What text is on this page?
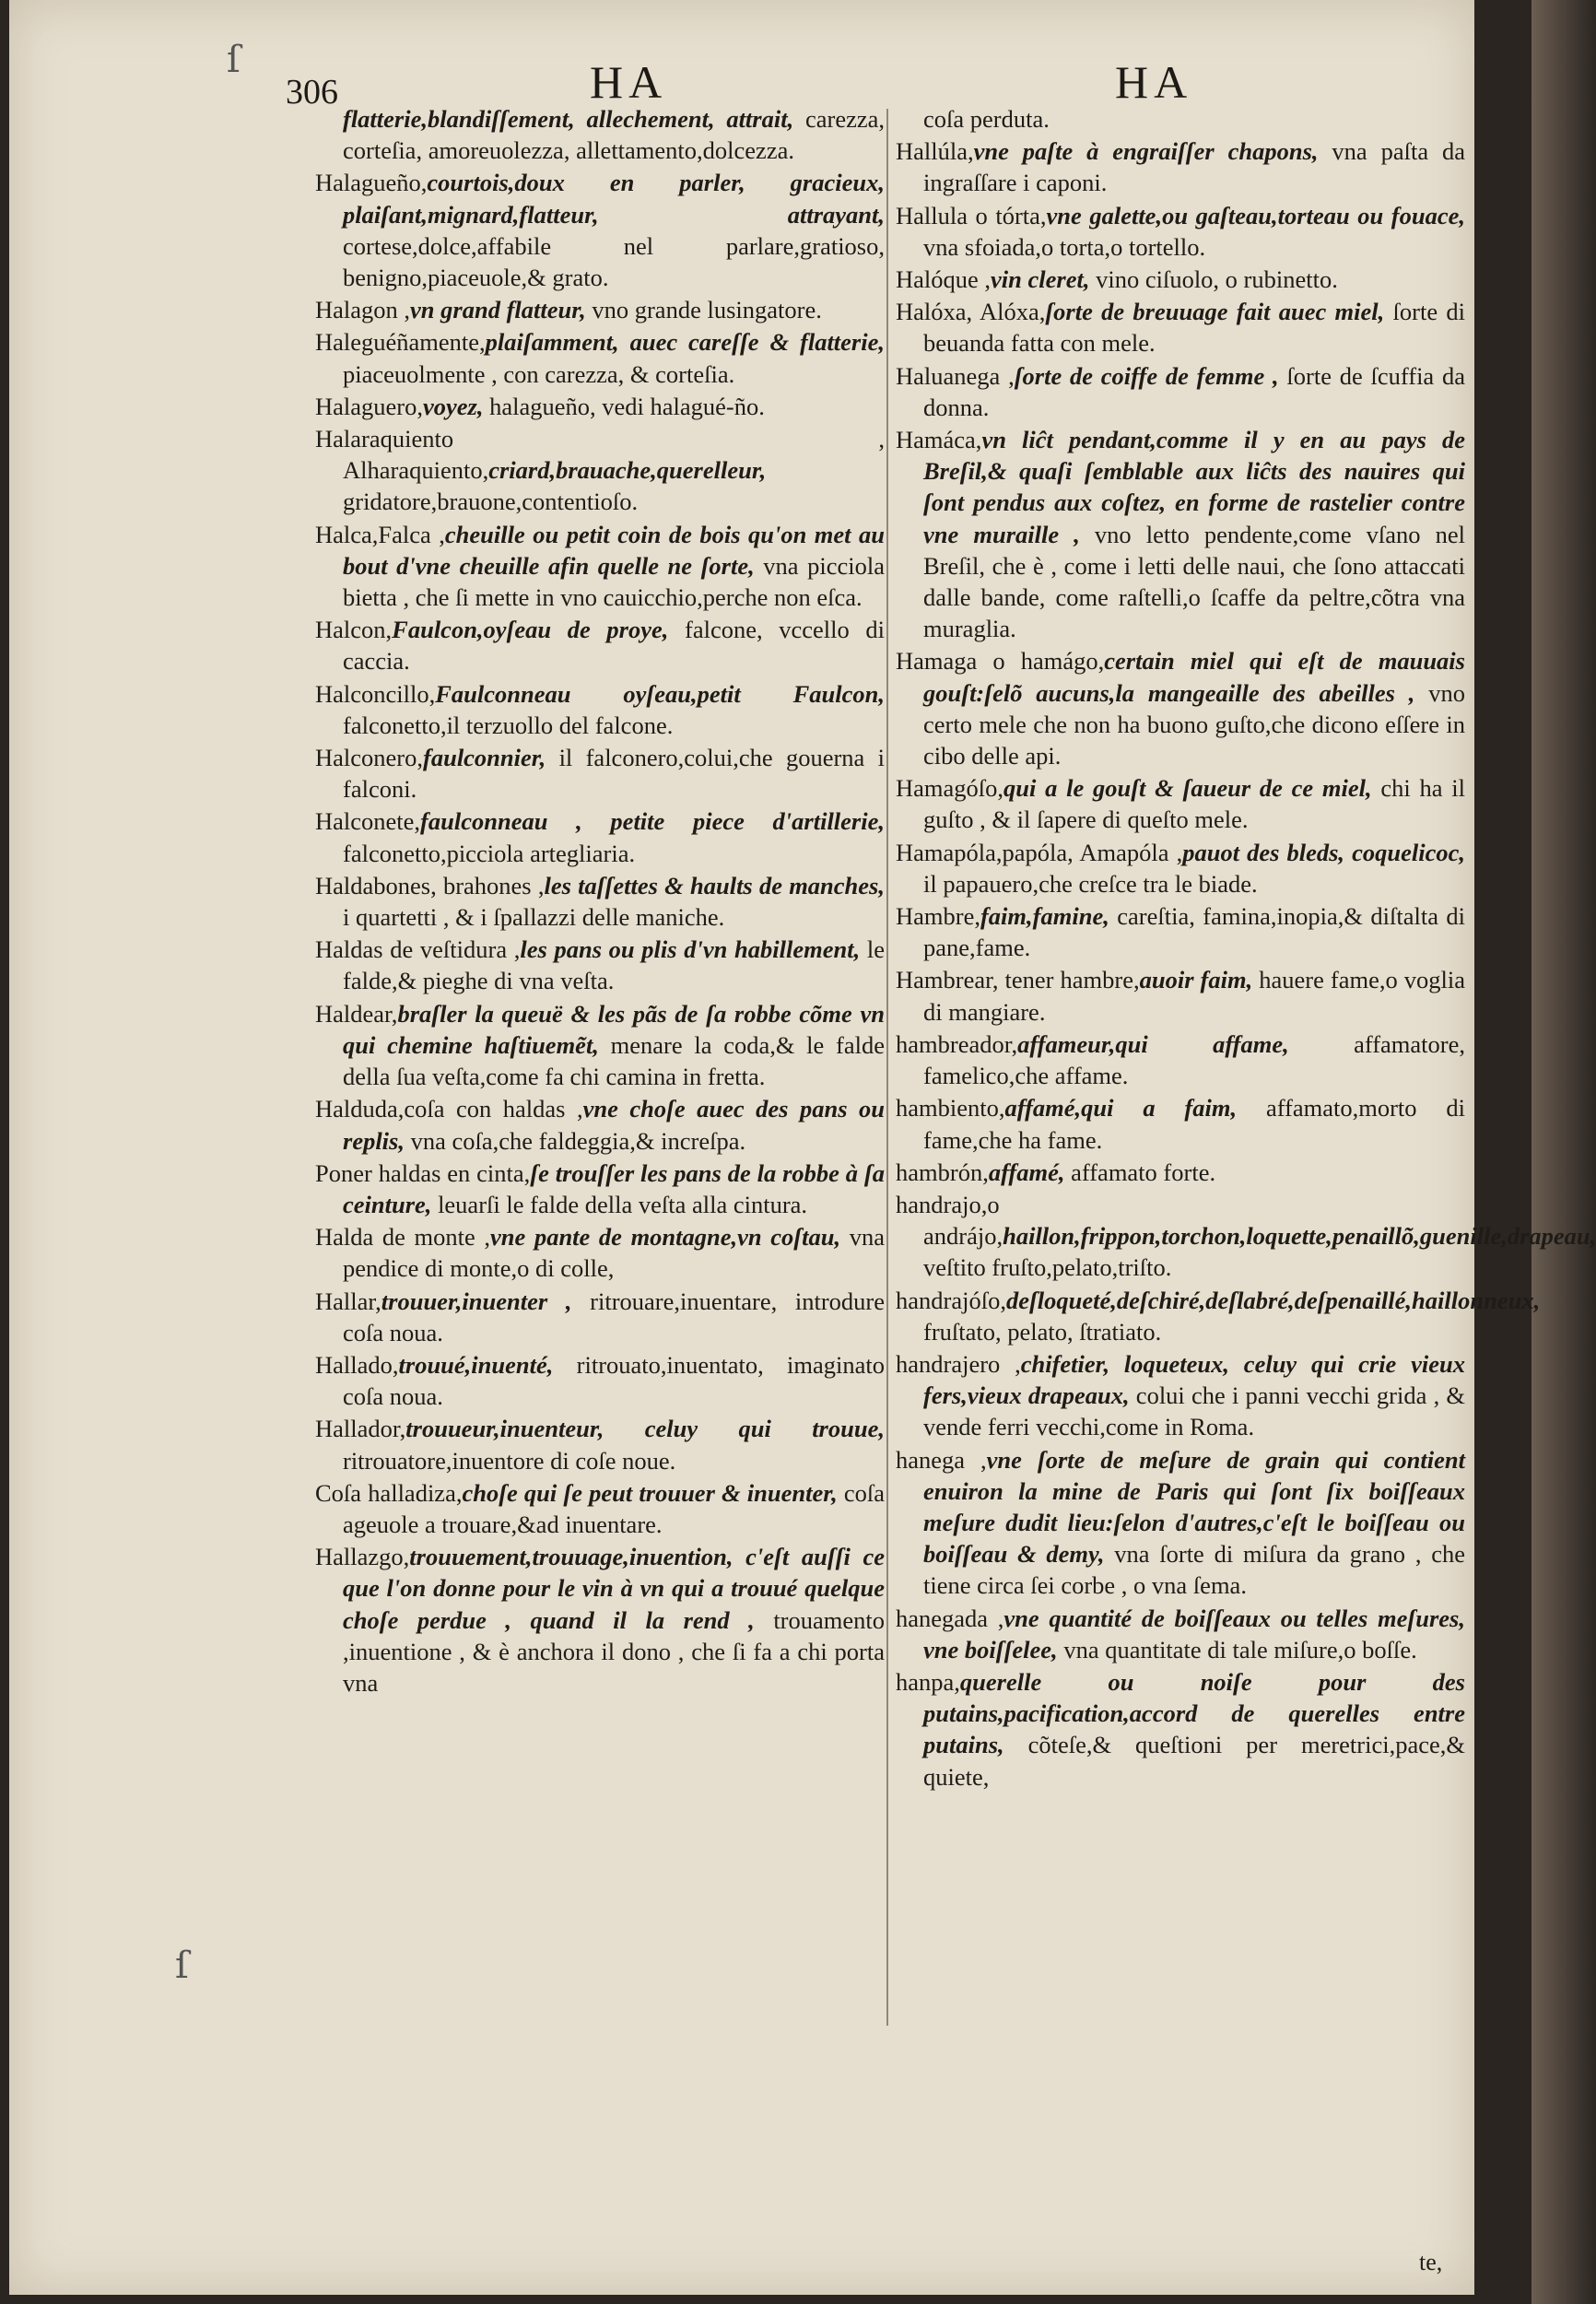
306	HA	HA

flatterie,blandiſſement, allechement, attrait, carezza, corteſia, amoreuolezza, allettamento,dolcezza.

Halagueño,courtois,doux en parler, gracieux, plaiſant,mignard,flatteur, attrayant, cortese,dolce,affabile nel parlare,gratioso, benigno,piaceuole,& grato.

Halagon ,vn grand flatteur, vno grande lusingatore.

Haleguéñamente,plaiſamment, auec careſſe & flatterie, piaceuolmente , con carezza, & corteſia.

Halaguero,voyez, halagueño, vedi halagué-ño.

Halaraquiento , Alharaquiento,criard,brauache,querelleur, gridatore,brauone,contentioſo.

Halca,Falca ,cheuille ou petit coin de bois qu'on met au bout d'vne cheuille afin quelle ne ſorte, vna picciola bietta , che ſi mette in vno cauicchio,perche non eſca.

Halcon,Faulcon,oyſeau de proye, falcone, vccello di caccia.

Halconcillo,Faulconneau oyſeau,petit Faulcon, falconetto,il terzuollo del falcone.

Halconero,faulconnier, il falconero,colui,che gouerna i falconi.

Halconete,faulconneau , petite piece d'artillerie, falconetto,picciola artegliaria.

Haldabones, brahones ,les taſſettes & haults de manches, i quartetti , & i ſpallazzi delle maniche.

Haldas de veſtidura ,les pans ou plis d'vn habillement, le falde,& pieghe di vna veſta.

Haldear,braſler la queuë & les pãs de ſa robbe cõme vn qui chemine haſtiuemẽt, menare la coda,& le falde della ſua veſta,come fa chi camina in fretta.

Halduda,coſa con haldas ,vne choſe auec des pans ou replis, vna coſa,che faldeggia,& increſpa.

Poner haldas en cinta,ſe trouſſer les pans de la robbe à ſa ceinture, leuarſi le falde della veſta alla cintura.

Halda de monte ,vne pante de montagne,vn coſtau, vna pendice di monte,o di colle,

Hallar,trouuer,inuenter , ritrouare,inuentare, introdure coſa noua.

Hallado,trouué,inuenté, ritrouato,inuentato, imaginato coſa noua.

Hallador,trouueur,inuenteur, celuy qui trouue, ritrouatore,inuentore di coſe noue.

Coſa halladiza,choſe qui ſe peut trouuer & inuenter, coſa ageuole a trouare,&ad inuentare.

Hallazgo,trouuement,trouuage,inuention, c'eſt auſſi ce que l'on donne pour le vin à vn qui a trouué quelque choſe perdue , quand il la rend , trouamento ,inuentione , & è anchora il dono , che ſi fa a chi porta vna

coſa perduta.

Hallúla,vne paſte à engraiſſer chapons, vna paſta da ingraſſare i caponi.

Hallula o tórta,vne galette,ou gaſteau,torteau ou fouace, vna sfoiada,o torta,o tortello.

Halóque ,vin cleret, vino ciſuolo, o rubinetto.

Halóxa, Alóxa,ſorte de breuuage fait auec miel, ſorte di beuanda fatta con mele.

Haluanega ,ſorte de coiffe de femme , ſorte de ſcuffia da donna.

Hamáca,vn liĉt pendant,comme il y en au pays de Breſil,& quaſi ſemblable aux liĉts des nauires qui ſont pendus aux coſtez, en forme de rastelier contre vne muraille , vno letto pendente,come vſano nel Breſil, che è , come i letti delle naui, che ſono attaccati dalle bande, come raſtelli,o ſcaffe da peltre,cõtra vna muraglia.

Hamaga o hamágo,certain miel qui eſt de mauuais gouſt:ſelõ aucuns,la mangeaille des abeilles , vno certo mele che non ha buono guſto,che dicono eſſere in cibo delle api.

Hamagóſo,qui a le gouſt & ſaueur de ce miel, chi ha il guſto , & il ſapere di queſto mele.

Hamapóla,papóla, Amapóla ,pauot des bleds, coquelicoc, il papauero,che creſce tra le biade.

Hambre,faim,famine, careſtia, famina,inopia,& diſtalta di pane,fame.

Hambrear, tener hambre,auoir faim, hauere fame,o voglia di mangiare.

hambreador,affameur,qui affame, affamatore, famelico,che affame.

hambiento,affamé,qui a faim, affamato,morto di fame,che ha fame.

hambrón,affamé, affamato forte.

handrajo,o andrájo,haillon,frippon,torchon,loquette,penaillõ,guenille,drapeau, veſtito fruſto,pelato,triſto.

handrajóſo,deſloqueté,deſchiré,deſlabré,deſpenaillé,haillonneux, fruſtato, pelato, ſtratiato.

handrajero ,chifetier, loqueteux, celuy qui crie vieux fers,vieux drapeaux, colui che i panni vecchi grida , & vende ferri vecchi,come in Roma.

hanega ,vne ſorte de meſure de grain qui contient enuiron la mine de Paris qui ſont ſix boiſſeaux meſure dudit lieu:ſelon d'autres,c'eſt le boiſſeau ou boiſſeau & demy, vna ſorte di miſura da grano , che tiene circa ſei corbe , o vna ſema.

hanegada ,vne quantité de boiſſeaux ou telles meſures, vne boiſſelee, vna quantitate di tale miſure,o boſſe.

hanpa,querelle ou noiſe pour des putains,pacification,accord de querelles entre putains, cõteſe,& queſtioni per meretrici,pace,& quiete,

te,
ſ
ſ
